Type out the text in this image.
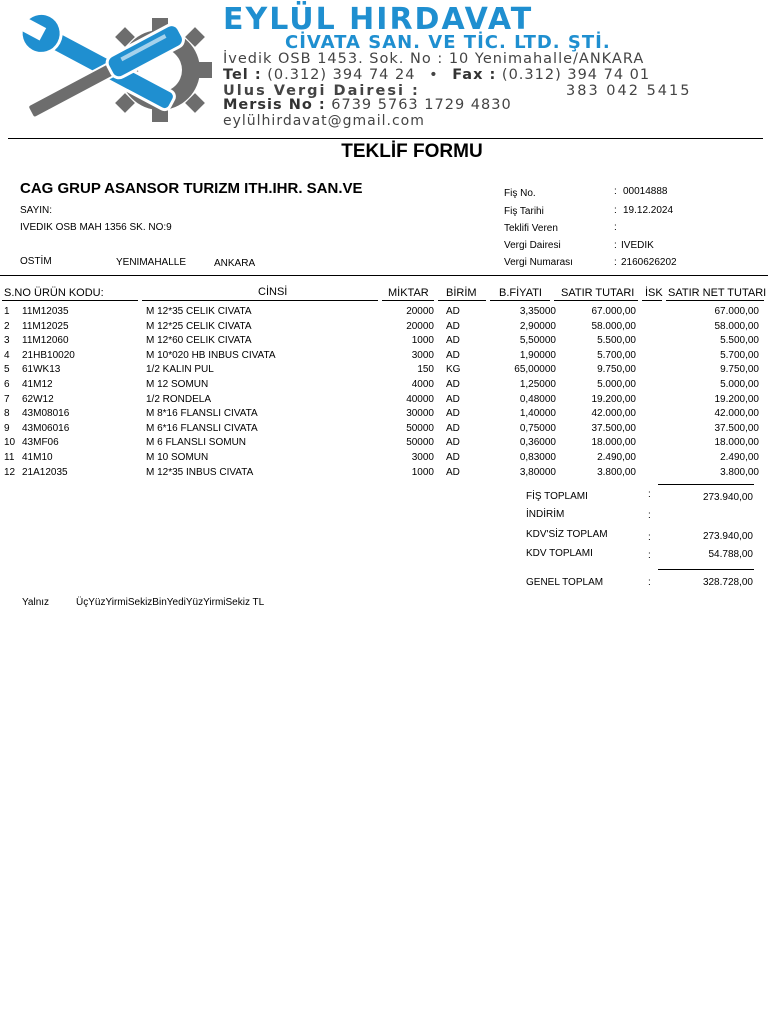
EYLÜL HIRDAVAT
CİVATA SAN. VE TİC. LTD. ŞTİ.
İvedik OSB 1453. Sok. No : 10 Yenimahalle/ANKARA
Tel : (0.312) 394 74 24 • Fax : (0.312) 394 74 01
Ulus Vergi Dairesi :	383 042 5415
Mersis No : 6739 5763 1729 4830
eylülhirdavat@gmail.com
TEKLİF FORMU
CAG GRUP ASANSOR TURIZM ITH.IHR. SAN.VE
SAYIN:
IVEDIK OSB MAH 1356 SK. NO:9
OSTİM	YENIMAHALLE	ANKARA
Fiş No.	: 00014888
Fiş Tarihi	: 19.12.2024
Teklifi Veren	:
Vergi Dairesi	: IVEDIK
Vergi Numarası	: 2160626202
S.NO ÜRÜN KODU:	CİNSİ	MİKTAR BİRİM B.FİYATI SATIR TUTARI İSK SATIR NET TUTARI
1	11M12035	M 12*35 CELIK CIVATA	20000 AD	3,35000	67.000,00	67.000,00
2	11M12025	M 12*25 CELIK CIVATA	20000 AD	2,90000	58.000,00	58.000,00
3	11M12060	M 12*60 CELIK CIVATA	1000 AD	5,50000	5.500,00	5.500,00
4	21HB10020	M 10*020 HB INBUS CIVATA	3000 AD	1,90000	5.700,00	5.700,00
5	61WK13	1/2 KALIN PUL	150 KG	65,00000	9.750,00	9.750,00
6	41M12	M 12 SOMUN	4000 AD	1,25000	5.000,00	5.000,00
7	62W12	1/2 RONDELA	40000 AD	0,48000	19.200,00	19.200,00
8	43M08016	M 8*16 FLANSLI CIVATA	30000 AD	1,40000	42.000,00	42.000,00
9	43M06016	M 6*16 FLANSLI CIVATA	50000 AD	0,75000	37.500,00	37.500,00
10 43MF06	M 6 FLANSLI SOMUN	50000 AD	0,36000	18.000,00	18.000,00
11 41M10	M 10 SOMUN	3000 AD	0,83000	2.490,00	2.490,00
12 21A12035	M 12*35 INBUS CIVATA	1000 AD	3,80000	3.800,00	3.800,00
FİŞ TOPLAMI	:	273.940,00
İNDİRİM	:
KDV'SİZ TOPLAM	:	273.940,00
KDV TOPLAMI	:	54.788,00
GENEL TOPLAM	:	328.728,00
Yalnız	ÜçYüzYirmiSekizBinYediYüzYirmiSekiz TL
